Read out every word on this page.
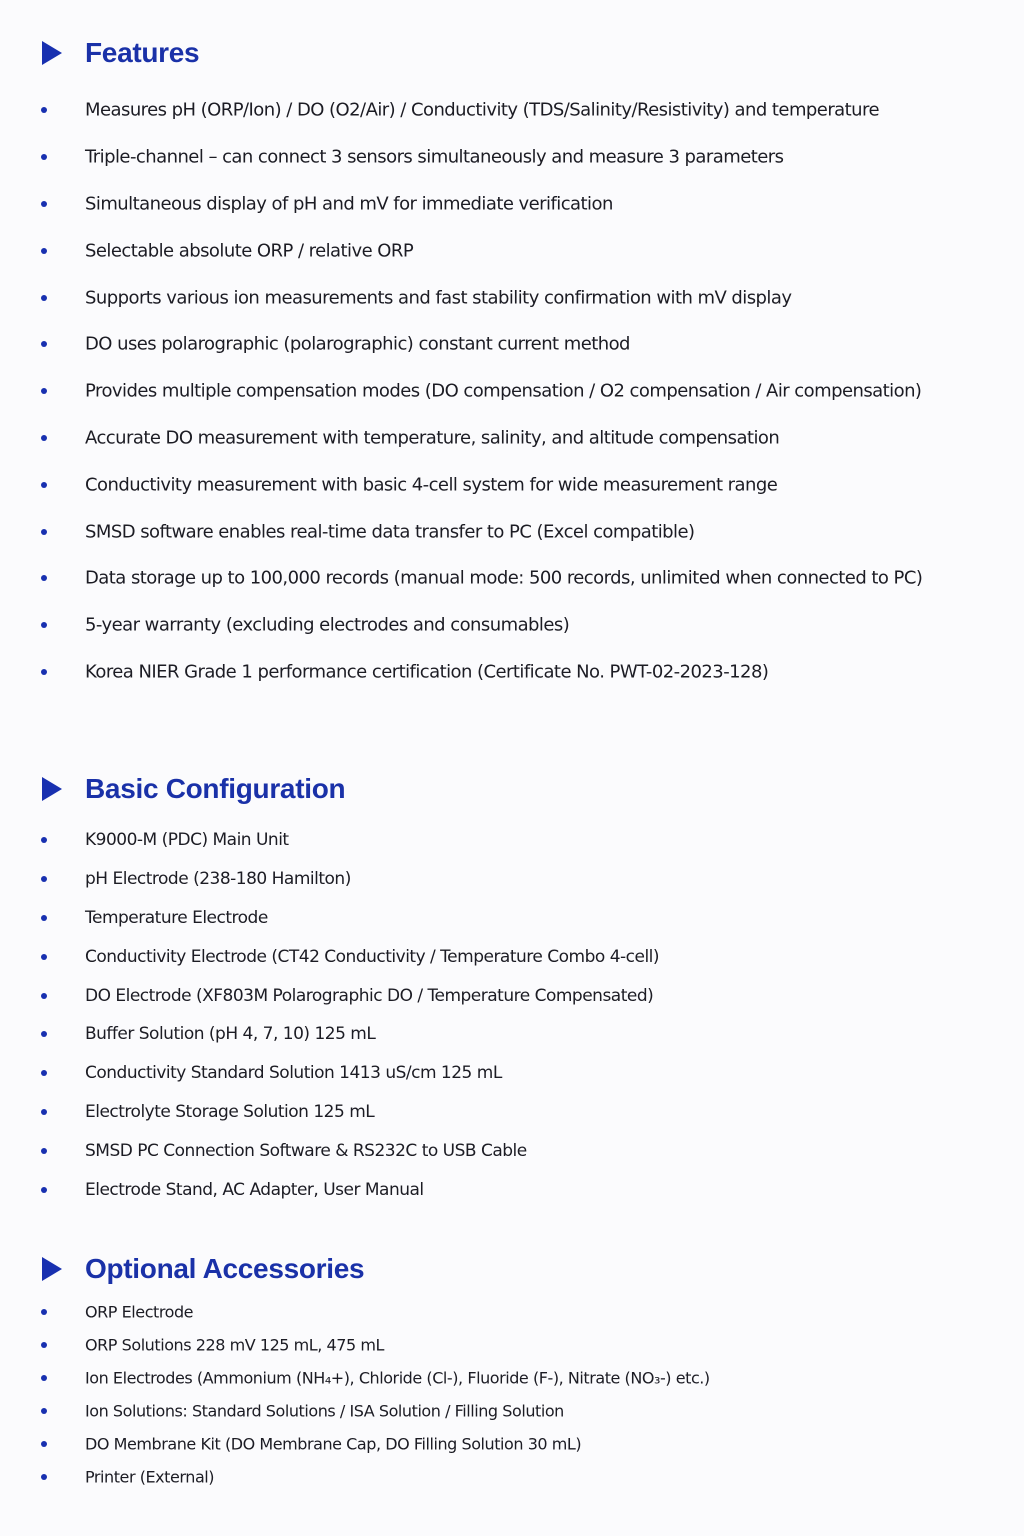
Features
Measures pH (ORP/Ion) / DO (O2/Air) / Conductivity (TDS/Salinity/Resistivity) and temperature
Triple-channel – can connect 3 sensors simultaneously and measure 3 parameters
Simultaneous display of pH and mV for immediate verification
Selectable absolute ORP / relative ORP
Supports various ion measurements and fast stability confirmation with mV display
DO uses polarographic (polarographic) constant current method
Provides multiple compensation modes (DO compensation / O2 compensation / Air compensation)
Accurate DO measurement with temperature, salinity, and altitude compensation
Conductivity measurement with basic 4-cell system for wide measurement range
SMSD software enables real-time data transfer to PC (Excel compatible)
Data storage up to 100,000 records (manual mode: 500 records, unlimited when connected to PC)
5-year warranty (excluding electrodes and consumables)
Korea NIER Grade 1 performance certification (Certificate No. PWT-02-2023-128)
Basic Configuration
K9000-M (PDC) Main Unit
pH Electrode (238-180 Hamilton)
Temperature Electrode
Conductivity Electrode (CT42 Conductivity / Temperature Combo 4-cell)
DO Electrode (XF803M Polarographic DO / Temperature Compensated)
Buffer Solution (pH 4, 7, 10) 125 mL
Conductivity Standard Solution 1413 uS/cm 125 mL
Electrolyte Storage Solution 125 mL
SMSD PC Connection Software & RS232C to USB Cable
Electrode Stand, AC Adapter, User Manual
Optional Accessories
ORP Electrode
ORP Solutions 228 mV 125 mL, 475 mL
Ion Electrodes (Ammonium (NH₄+), Chloride (Cl-), Fluoride (F-), Nitrate (NO₃-) etc.)
Ion Solutions: Standard Solutions / ISA Solution / Filling Solution
DO Membrane Kit (DO Membrane Cap, DO Filling Solution 30 mL)
Printer (External)
